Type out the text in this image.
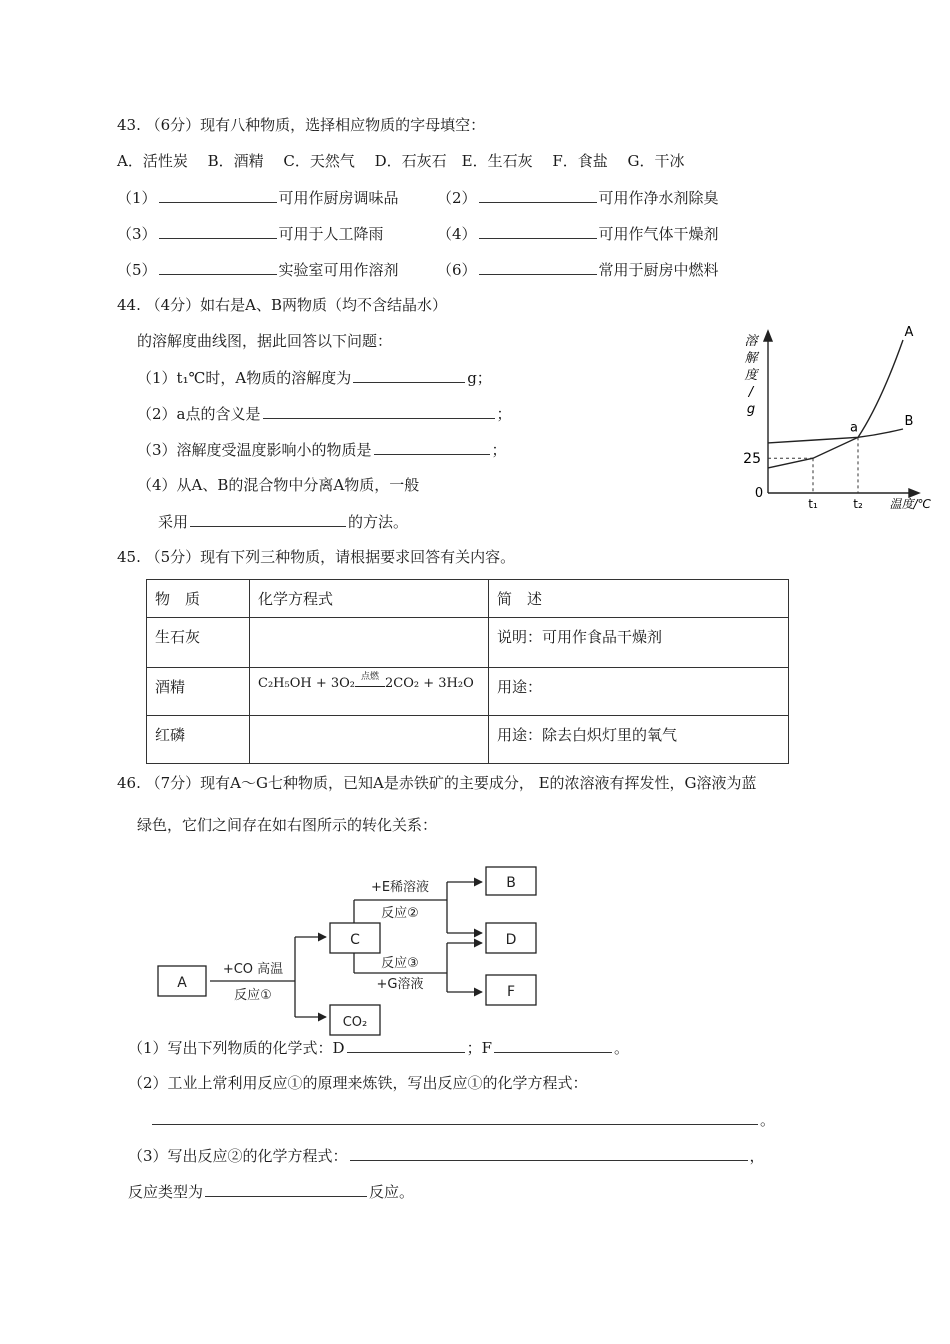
43. （6分）现有八种物质，选择相应物质的字母填空：
A．活性炭　 B．酒精　 C．天然气　 D．石灰石　E．生石灰　 F．食盐　 G．干冰
（1）	可用作厨房调味品	（2）	可用作净水剂除臭
（3）	可用于人工降雨	（4）	可用作气体干燥剂
（5）	实验室可用作溶剂	（6）	常用于厨房中燃料
44. （4分）如右是A、B两物质（均不含结晶水）
的溶解度曲线图，据此回答以下问题：
（1）t₁℃时，A物质的溶解度为	g；
（2）a点的含义是	；
（3）溶解度受温度影响小的物质是	；
（4）从A、B的混合物中分离A物质，一般
采用	的方法。
溶
解
度
/
g
温度/℃
0
25
t₁	t₂
A
B
a
45. （5分）现有下列三种物质，请根据要求回答有关内容。
物　质	化学方程式	简　述
生石灰		说明：可用作食品干燥剂
酒精	C₂H₅OH + 3O₂ 点燃 2CO₂ + 3H₂O	用途：
红磷		用途：除去白炽灯里的氧气
46. （7分）现有A～G七种物质，已知A是赤铁矿的主要成分， E的浓溶液有挥发性，G溶液为蓝
绿色，它们之间存在如右图所示的转化关系：
A
C
CO₂
B
D
F
+CO 高温
反应①
+E稀溶液
反应②
反应③
+G溶液
（1）写出下列物质的化学式：D	；F	。
（2）工业上常利用反应①的原理来炼铁，写出反应①的化学方程式：
。
（3）写出反应②的化学方程式：	，
反应类型为	反应。
